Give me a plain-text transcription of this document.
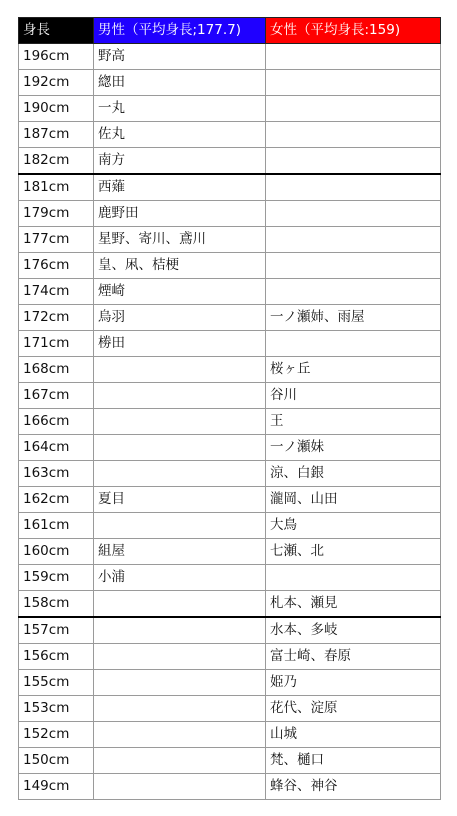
身長	男性（平均身長;177.7)	女性（平均身長:159)
196cm	野高	
192cm	緫田	
190cm	一丸	
187cm	佐丸	
182cm	南方	
181cm	西薙	
179cm	鹿野田	
177cm	星野、寄川、鳶川	
176cm	皇、凩、桔梗	
174cm	煙崎	
172cm	烏羽	一ノ瀬姉、雨屋
171cm	椦田	
168cm		桜ヶ丘
167cm		谷川
166cm		王
164cm		一ノ瀬妹
163cm		涼、白銀
162cm	夏目	瀧岡、山田
161cm		大鳥
160cm	組屋	七瀬、北
159cm	小浦	
158cm		札本、瀬見
157cm		水本、多岐
156cm		富士崎、春原
155cm		姫乃
153cm		花代、淀原
152cm		山城
150cm		梵、樋口
149cm		蜂谷、神谷
